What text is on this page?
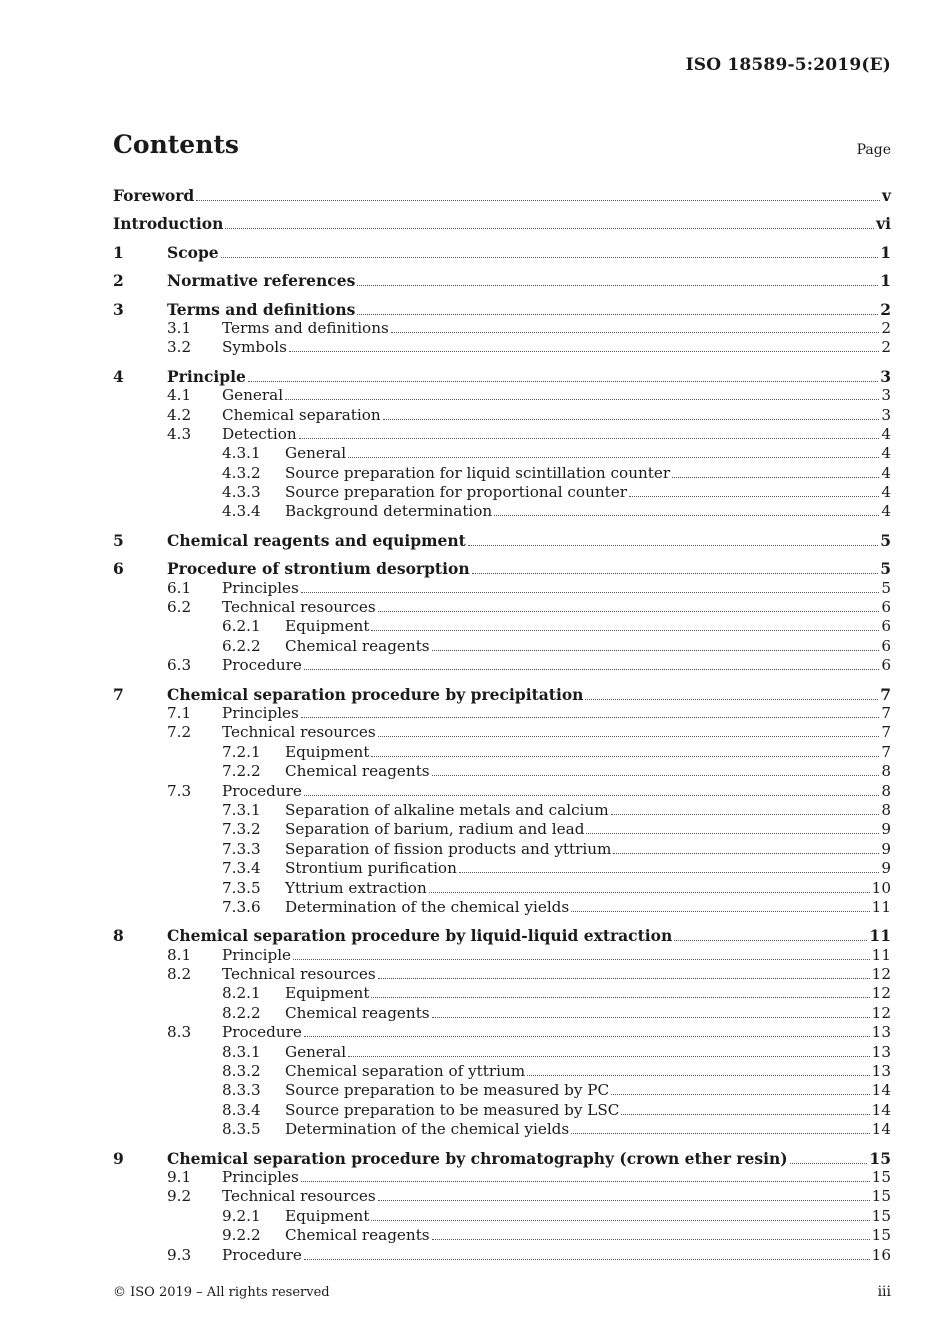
ISO 18589-5:2019(E)
Contents	Page
Foreword	v
Introduction	vi
1	Scope	1
2	Normative references	1
3	Terms and definitions	2
3.1	Terms and definitions	2
3.2	Symbols	2
4	Principle	3
4.1	General	3
4.2	Chemical separation	3
4.3	Detection	4
4.3.1	General	4
4.3.2	Source preparation for liquid scintillation counter	4
4.3.3	Source preparation for proportional counter	4
4.3.4	Background determination	4
5	Chemical reagents and equipment	5
6	Procedure of strontium desorption	5
6.1	Principles	5
6.2	Technical resources	6
6.2.1	Equipment	6
6.2.2	Chemical reagents	6
6.3	Procedure	6
7	Chemical separation procedure by precipitation	7
7.1	Principles	7
7.2	Technical resources	7
7.2.1	Equipment	7
7.2.2	Chemical reagents	8
7.3	Procedure	8
7.3.1	Separation of alkaline metals and calcium	8
7.3.2	Separation of barium, radium and lead	9
7.3.3	Separation of fission products and yttrium	9
7.3.4	Strontium purification	9
7.3.5	Yttrium extraction	10
7.3.6	Determination of the chemical yields	11
8	Chemical separation procedure by liquid-liquid extraction	11
8.1	Principle	11
8.2	Technical resources	12
8.2.1	Equipment	12
8.2.2	Chemical reagents	12
8.3	Procedure	13
8.3.1	General	13
8.3.2	Chemical separation of yttrium	13
8.3.3	Source preparation to be measured by PC	14
8.3.4	Source preparation to be measured by LSC	14
8.3.5	Determination of the chemical yields	14
9	Chemical separation procedure by chromatography (crown ether resin)	15
9.1	Principles	15
9.2	Technical resources	15
9.2.1	Equipment	15
9.2.2	Chemical reagents	15
9.3	Procedure	16
© ISO 2019 – All rights reserved	iii
